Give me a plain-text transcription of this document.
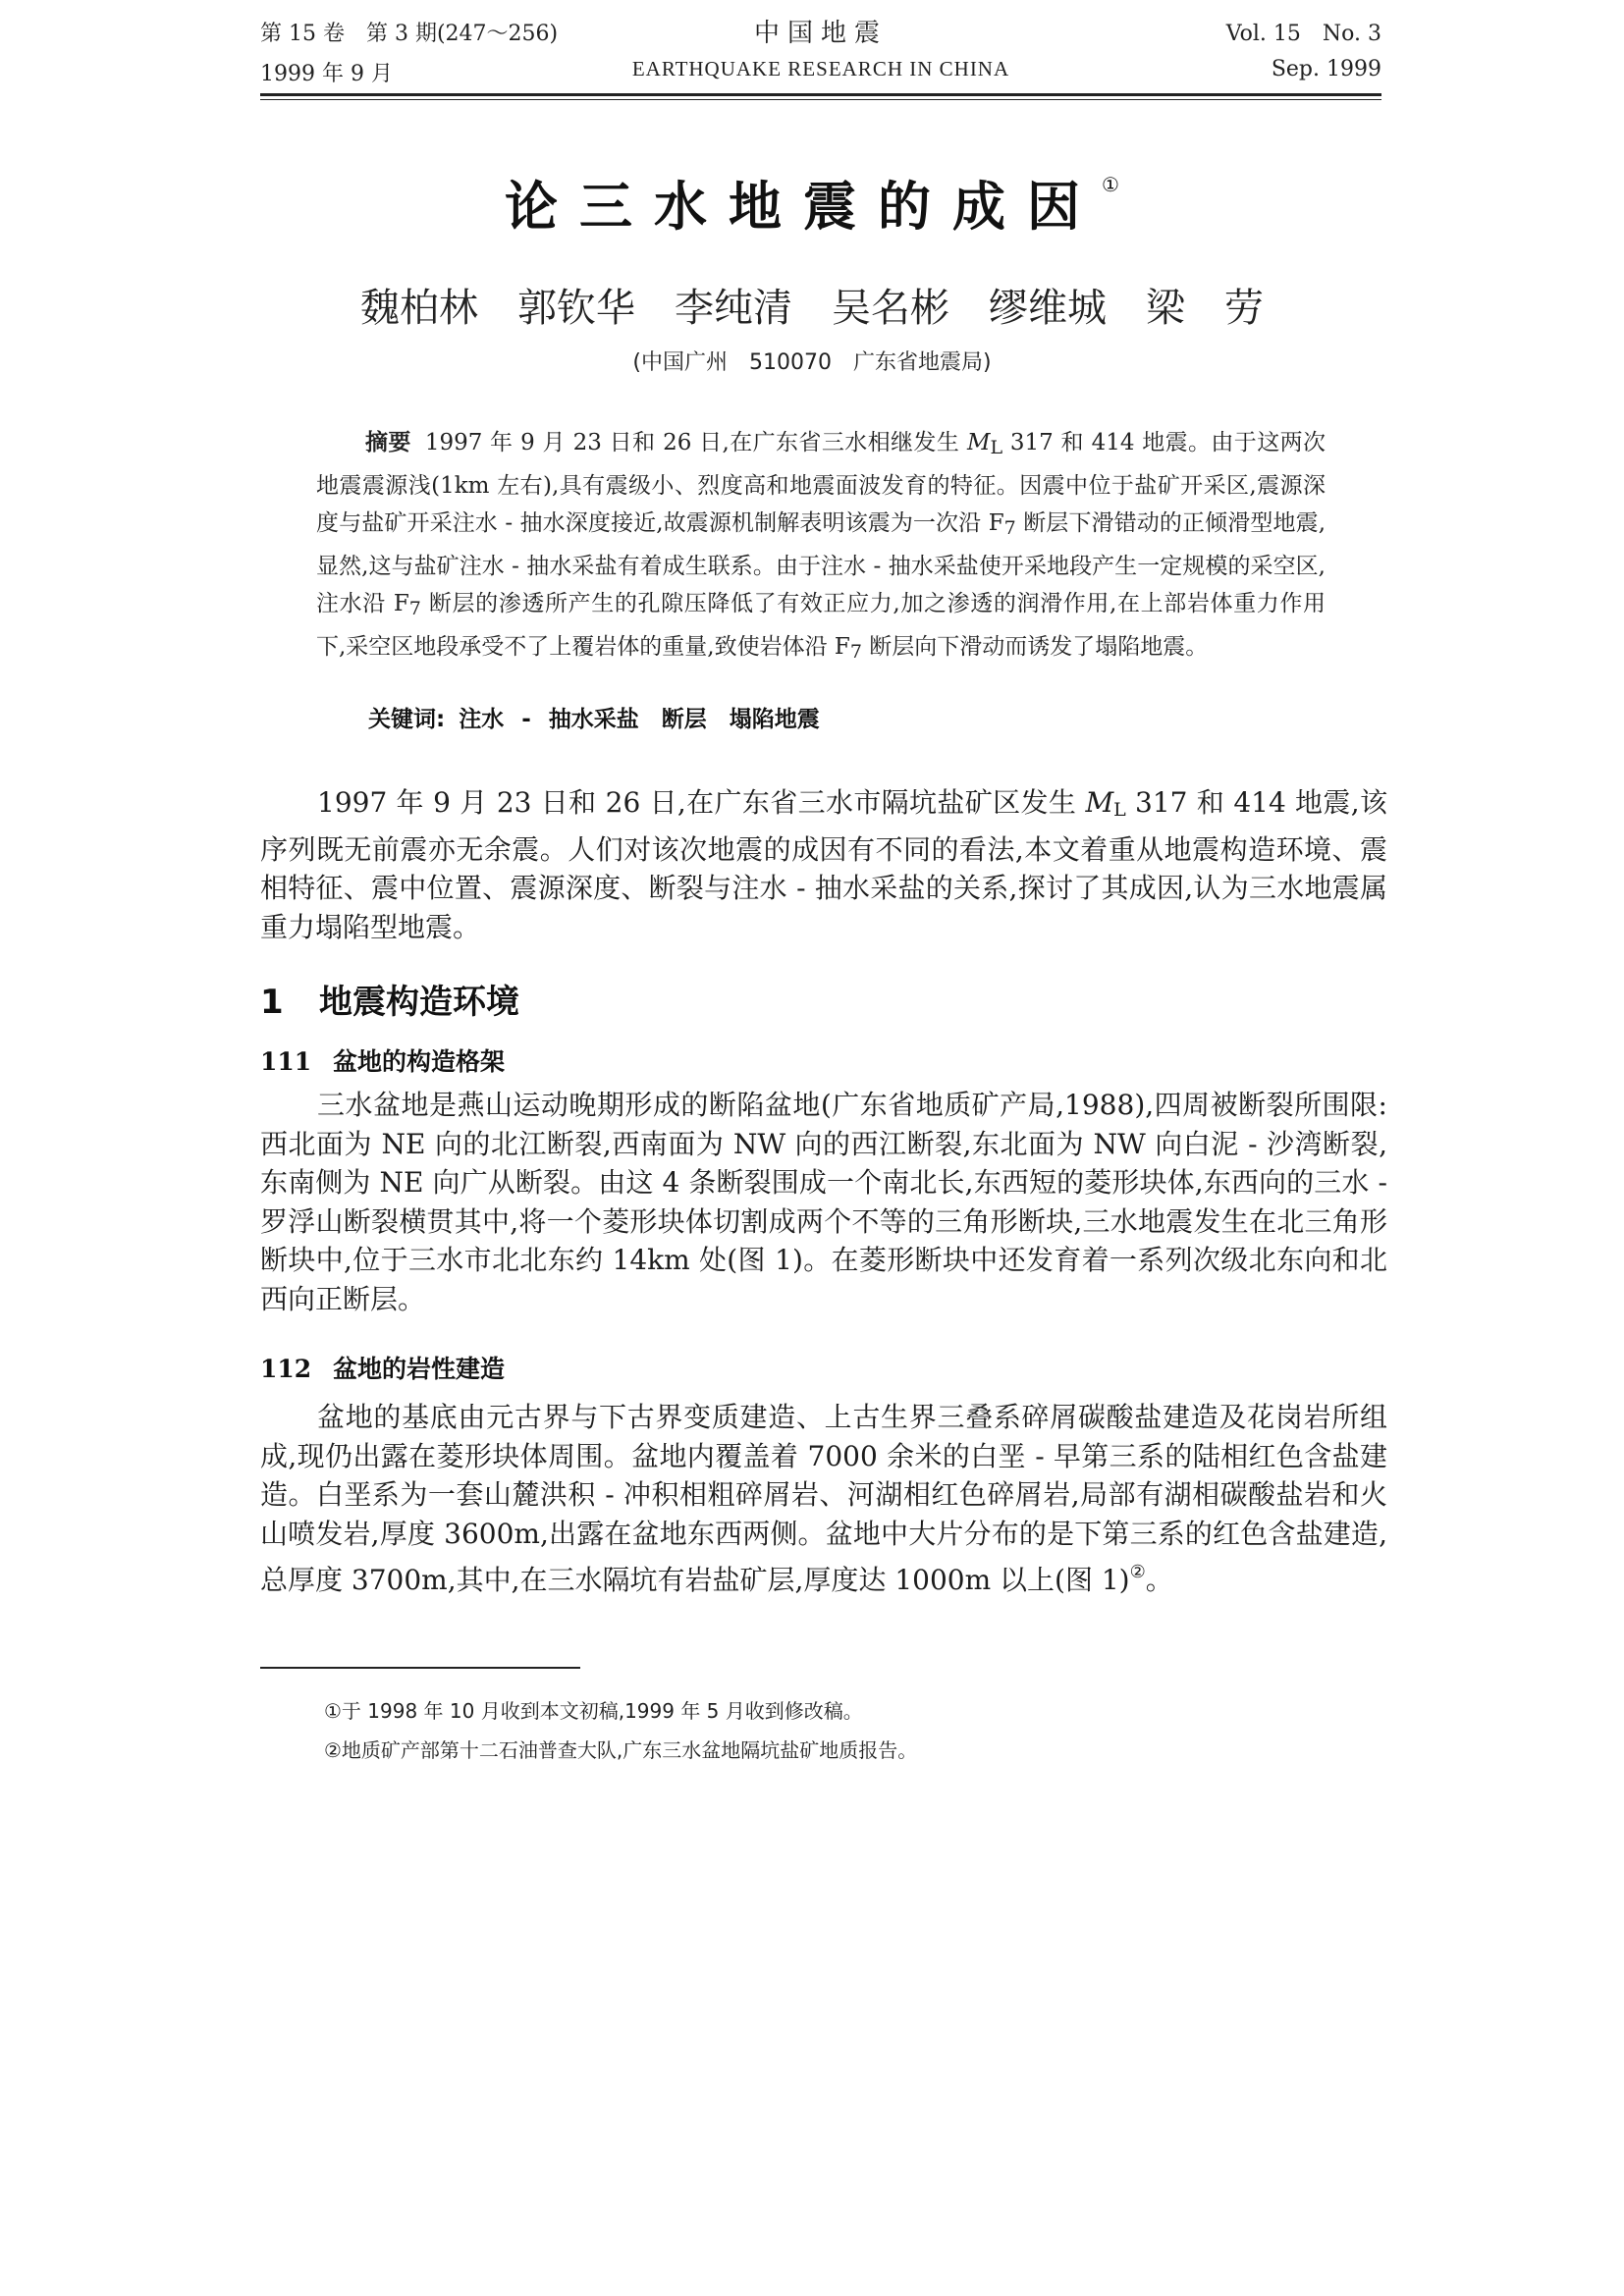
第 15 卷　第 3 期(247～256)	中国地震	Vol. 15　No. 3
1999 年 9 月	EARTHQUAKE RESEARCH IN CHINA	Sep. 1999
论三水地震的成因①
魏柏林　郭钦华　李纯清　吴名彬　缪维城　梁　劳
(中国广州　510070　广东省地震局)
摘要 1997 年 9 月 23 日和 26 日,在广东省三水相继发生 ML 317 和 414 地震。由于这两次地震震源浅(1km 左右),具有震级小、烈度高和地震面波发育的特征。因震中位于盐矿开采区,震源深度与盐矿开采注水 - 抽水深度接近,故震源机制解表明该震为一次沿 F7 断层下滑错动的正倾滑型地震,显然,这与盐矿注水 - 抽水采盐有着成生联系。由于注水 - 抽水采盐使开采地段产生一定规模的采空区,注水沿 F7 断层的渗透所产生的孔隙压降低了有效正应力,加之渗透的润滑作用,在上部岩体重力作用下,采空区地段承受不了上覆岩体的重量,致使岩体沿 F7 断层向下滑动而诱发了塌陷地震。
关键词: 注水 - 抽水采盐　断层　塌陷地震
1997 年 9 月 23 日和 26 日,在广东省三水市隔坑盐矿区发生 ML 317 和 414 地震,该序列既无前震亦无余震。人们对该次地震的成因有不同的看法,本文着重从地震构造环境、震相特征、震中位置、震源深度、断裂与注水 - 抽水采盐的关系,探讨了其成因,认为三水地震属重力塌陷型地震。
1 地震构造环境
111 盆地的构造格架
三水盆地是燕山运动晚期形成的断陷盆地(广东省地质矿产局,1988),四周被断裂所围限:西北面为 NE 向的北江断裂,西南面为 NW 向的西江断裂,东北面为 NW 向白泥 - 沙湾断裂,东南侧为 NE 向广从断裂。由这 4 条断裂围成一个南北长,东西短的菱形块体,东西向的三水 - 罗浮山断裂横贯其中,将一个菱形块体切割成两个不等的三角形断块,三水地震发生在北三角形断块中,位于三水市北北东约 14km 处(图 1)。在菱形断块中还发育着一系列次级北东向和北西向正断层。
112 盆地的岩性建造
盆地的基底由元古界与下古界变质建造、上古生界三叠系碎屑碳酸盐建造及花岗岩所组成,现仍出露在菱形块体周围。盆地内覆盖着 7000 余米的白垩 - 早第三系的陆相红色含盐建造。白垩系为一套山麓洪积 - 冲积相粗碎屑岩、河湖相红色碎屑岩,局部有湖相碳酸盐岩和火山喷发岩,厚度 3600m,出露在盆地东西两侧。盆地中大片分布的是下第三系的红色含盐建造,总厚度 3700m,其中,在三水隔坑有岩盐矿层,厚度达 1000m 以上(图 1)②。
①于 1998 年 10 月收到本文初稿,1999 年 5 月收到修改稿。
②地质矿产部第十二石油普查大队,广东三水盆地隔坑盐矿地质报告。
